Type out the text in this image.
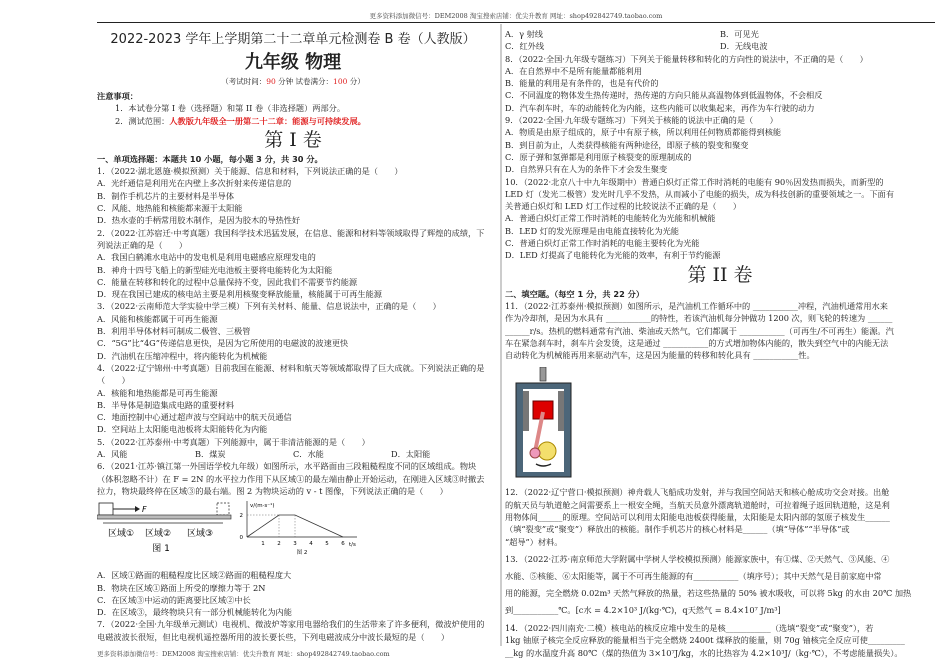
更多资料添加微信号：DEM2008 淘宝搜索店铺：优尖升教育 网址：shop492842749.taobao.com
2022-2023 学年上学期第二十二章单元检测卷 B 卷（人教版）
九年级 物理
（考试时间：90 分钟 试卷满分：100 分）
注意事项：
1．本试卷分第 I 卷（选择题）和第 II 卷（非选择题）两部分。
2．测试范围：人教版九年级全一册第二十二章：能源与可持续发展。
第 I 卷
一、单项选择题：本题共 10 小题，每小题 3 分，共 30 分。
1．（2022·湖北恩施·模拟预测）关于能源、信息和材料，下列说法正确的是（　　）
A．光纤通信是利用光在内壁上多次折射来传递信息的
B．制作手机芯片的主要材料是半导体
C．风能、地热能和核能都来源于太阳能
D．热水壶的手柄常用胶木制作，是因为胶木的导热性好
2．（2022·江苏宿迁·中考真题）我国科学技术迅猛发展，在信息、能源和材料等领域取得了辉煌的成绩，下
列说法正确的是（　　）
A．我国白鹤滩水电站中的发电机是利用电磁感应原理发电的
B．神舟十四号飞船上的新型硅光电池板主要将电能转化为太阳能
C．能量在转移和转化的过程中总量保持不变，因此我们不需要节约能源
D．现在我国已建成的核电站主要是利用核聚变释放能量，核能属于可再生能源
3．（2022·云南师范大学实验中学三模）下列有关材料、能量、信息说法中，正确的是（　　）
A．风能和核能都属于可再生能源
B．利用半导体材料可制成二极管、三极管
C．“5G”比“4G”传递信息更快，是因为它所使用的电磁波的波速更快
D．汽油机在压缩冲程中，将内能转化为机械能
4．（2022·辽宁锦州·中考真题）目前我国在能源、材料和航天等领域都取得了巨大成就。下列说法正确的是
（　　）
A．核能和地热能都是可再生能源
B．半导体是制造集成电路的重要材料
C．地面控制中心通过超声波与空间站中的航天员通信
D．空间站上太阳能电池板将太阳能转化为内能
5．（2022·江苏泰州·中考真题）下列能源中，属于非清洁能源的是（　　）
A．风能	B．煤炭	C．水能	D．太阳能
6．（2021·江苏·镇江第一外国语学校九年级）如图所示，水平路面由三段粗糙程度不同的区域组成。物块
（体积忽略不计）在 F = 2N 的水平拉力作用下从区域①的最左端由静止开始运动，在刚进入区域③时撤去
拉力，物块最终停在区域③的最右端。图 2 为物块运动的 v - t 图像，下列说法正确的是（　　）
F
区域① 区域② 区域③
图 1
v/(m·s⁻¹)
t/s
1 2 3 4 5 6
0
2
图 2
A．区域①路面的粗糙程度比区域②路面的粗糙程度大
B．物块在区域①路面上所受的摩擦力等于 2N
C．在区域③中运动的距离要比区域②中长
D．在区域③，最终物块只有一部分机械能转化为内能
7．（2022·全国·九年级单元测试）电视机、微波炉等家用电器给我们的生活带来了许多便利，微波炉使用的
电磁波波长很短，但比电视机遥控器所用的波长要长些，下列电磁波成分中波长最短的是（　　）
A．γ 射线	B．可见光
C．红外线	D．无线电波
8．（2022·全国·九年级专题练习）下列关于能量转移和转化的方向性的说法中，不正确的是（　　）
A．在自然界中不是所有能量都能利用
B．能量的利用是有条件的，也是有代价的
C．不同温度的物体发生热传递时，热传递的方向只能从高温物体到低温物体，不会相反
D．汽车刹车时，车的动能转化为内能，这些内能可以收集起来，再作为车行驶的动力
9．（2022·全国·九年级专题练习）下列关于核能的说法中正确的是（　　）
A．物质是由原子组成的，原子中有原子核，所以利用任何物质都能得到核能
B．到目前为止，人类获得核能有两种途径，即原子核的裂变和聚变
C．原子弹和氢弹都是利用原子核裂变的原理制成的
D．自然界只有在人为的条件下才会发生聚变
10．（2022·北京八十中九年级期中）普通白炽灯正常工作时消耗的电能有 90％因发热而损失，而新型的
LED 灯（发光二极管）发光时几乎不发热，从而减小了电能的损失，成为科技创新的重要领域之一。下面有
关普通白炽灯和 LED 灯工作过程的比较说法不正确的是（　　）
A．普通白炽灯正常工作时消耗的电能转化为光能和机械能
B．LED 灯的发光原理是由电能直接转化为光能
C．普通白炽灯正常工作时消耗的电能主要转化为光能
D．LED 灯提高了电能转化为光能的效率，有利于节约能源
第 II 卷
二、填空题。（每空 1 分，共 22 分）
11．（2022·江苏泰州·模拟预测）如图所示，是汽油机工作循环中的 ___________冲程，汽油机通常用水来
作为冷却剂，是因为水具有 ___________的特性，若该汽油机每分钟做功 1200 次，则飞轮的转速为 ______
______r/s。热机的燃料通常有汽油、柴油或天然气，它们都属于 ___________（可再生/不可再生）能源。汽
车在紧急刹车时，刹车片会发烫，这是通过 ___________的方式增加物体内能的，散失到空气中的内能无法
自动转化为机械能再用来驱动汽车，这是因为能量的转移和转化具有 ___________性。
12．（2022·辽宁营口·模拟预测）神舟载人飞船成功发射，并与我国空间站天和核心舱成功交会对接。出舱
的航天员与轨道舱之间需要系上一根安全绳，当航天员意外漂离轨道舱时，可拉着绳子返回轨道舱，这是利
用物体间______的原理。空间站可以利用太阳能电池板获得能量，太阳能是太阳内部的氢原子核发生______
（填“裂变”或“聚变”）释放出的核能。制作手机芯片的核心材料是______（填“导体”“半导体”或
“超导”）材料。
13．（2022·江苏·南京师范大学附属中学树人学校模拟预测）能源家族中，有①煤、②天然气、③风能、④
水能、⑤核能、⑥太阳能等，属于不可再生能源的有___________（填序号）；其中天然气是目前家庭中常
用的能源，完全燃烧 0.02m³ 天然气释放的热量，若这些热量的 50% 被水吸收，可以将 5kg 的水由 20℃ 加热
到___________℃。[c水 = 4.2×10³ J/(kg·℃)，q天然气 = 8.4×10⁷ J/m³]
14．（2022·四川南充·二模）核电站的核反应堆中发生的是核___________（选填“裂变”或“聚变”），若
1kg 铀原子核完全反应释放的能量相当于完全燃烧 2400t 煤释放的能量，则 70g 铀核完全反应可使_________
__kg 的水温度升高 80℃（煤的热值为 3×10⁷J/kg，水的比热容为 4.2×10³J/（kg·℃），不考虑能量损失）。
更多资料添加微信号：DEM2008 淘宝搜索店铺：优尖升教育 网址：shop492842749.taobao.com
